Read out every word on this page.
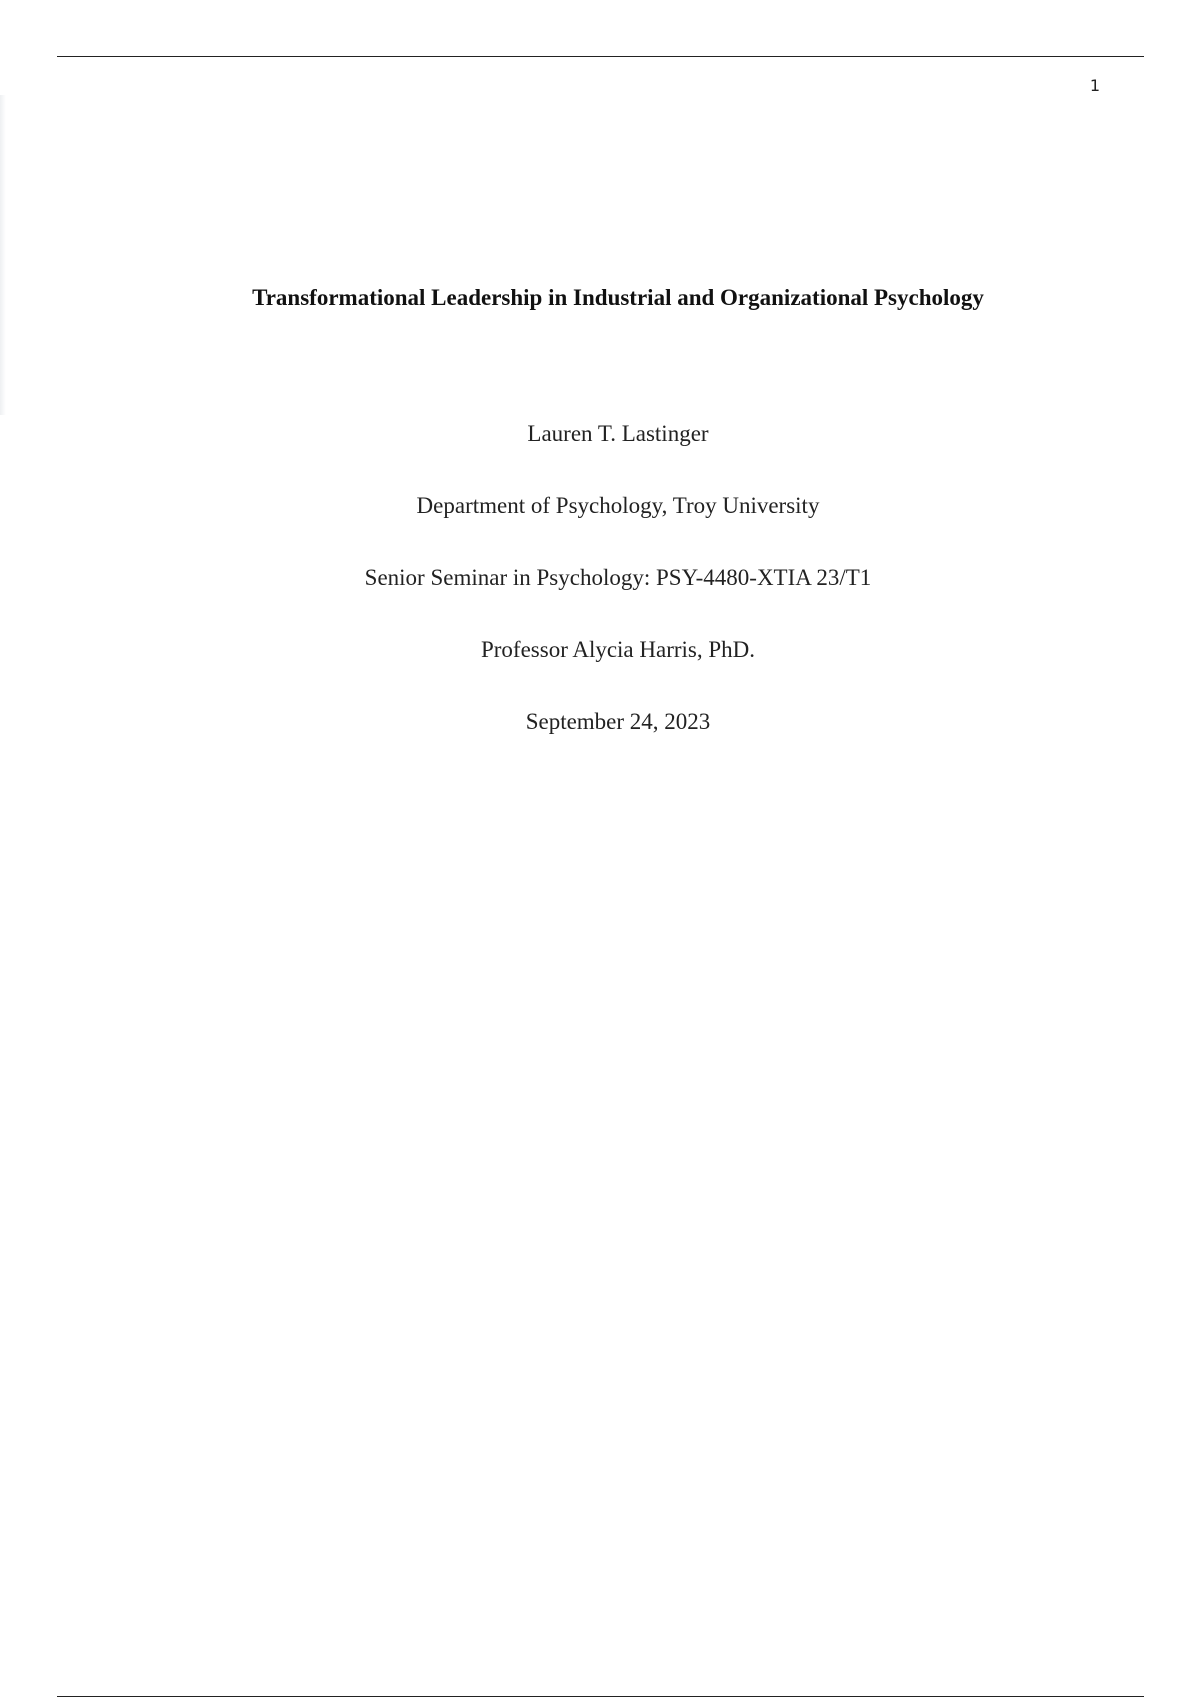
1
Transformational Leadership in Industrial and Organizational Psychology

Lauren T. Lastinger

Department of Psychology, Troy University

Senior Seminar in Psychology: PSY-4480-XTIA 23/T1

Professor Alycia Harris, PhD.

September 24, 2023
